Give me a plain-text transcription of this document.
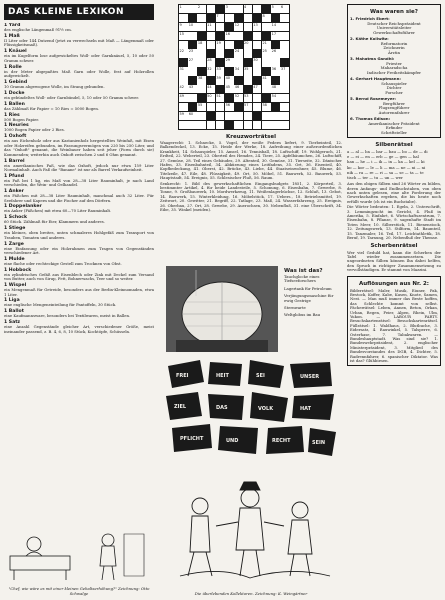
DAS KLEINE LEXIKON
1 Yard
des englische Längenmaß 91½ cm.
1 Maß
II Liter oder 144 Dutzend (jetzt zu verwechseln mit Maß — Längenmaß oder Flüssigkeitsmaß).
1 Knäuel
ein im Kugelform lose aufgewickeltes Woll- oder Garnknäuel, 5, 10 oder 50 Gramm schwer.
1 Rolle
in der Meter abgepaßtes Maß Garn oder Wolle, fest auf Holzrollen aufgewickelt.
1 Gebind
10 Gramm abgewogene Wolle, im Strang gebunden.
1 Docke
ein gebündeltes Woll- oder Garnbündel, 5, 10 oder 50 Gramm schwer.
1 Ballen
das Zählmaß für Papier = 10 Ries = 5000 Bogen.
1 Ries
500 Bogen Papier.
1 Neuries
1000 Bogen Papier oder 2 Ries.
1 Oxhoft
ein aus Eichenholz oder aus Kastanienholz hergestelltes Weinfaß, mit Eisen oder Holzreifen gebunden, im Fassungsvermögen von 220 bis 250 Liter, und das "Oxhoft" genannt, die Weinbauer haben seit jeher (Form durch sie) Kommenden; weiterhin auch Oxhoft zwischen 2 und 6 Ohm genannt.
1 Barrel
ein amerikanisches Faß, wie das Oxhoft, jedoch nur etwa 159 Liter Normalinhalt. Auch Faß die "Banane" ist nur als Barrel Verkaufseinheit.
1 Pfund
ein Faß bei 1 kg, ein Maß von 28—38 Liter Rauminhalt, je nach Land verschieden, die Wein- und Oelhandel.
1 Anker
ein Fäßchen mit 28—38 Liter Rauminhalt, manchmal auch 32 Liter. Für Seefahrer und Kapern und die Fischer auf den Dörfern.
1 Doppelanker
ein Anker (Fäßchen) mit etwa 60—70 Liter Rauminhalt.
1 Schock
60 Stück. Zählmaß für Eier, Klammern und anderes.
1 Stiege
ein kleines, oben breites, unten schmaleres Hohlgefäß zum Transport von Trauben, Tomaten und anderes.
1 Zarge
eine Einfassung oder ein Holzrahmen zum Tragen von Gegenständen verschiedener Art.
1 Mulde
eine flache oder rechteckige Gestell zum Trocknen von Obst.
1 Hobbock
ein zylindrisches Gefäß aus Eisenblech oder Zink mit Deckel zum Versand von Butter, auch von Sirup, Fett, Bohnerwachs, Teer und so weiter.
1 Wispel
ein Mengenmaß für Getreide, besonders aus der Berlin-Kleinnomaden, etwa 1 Liter.
1 Liga
eine englische Mengeneinteilung für Pantoffeln, 30 Stück.
1 Ballot
eine Kaufmannsware, besonders bei Textilwaren, meist in Ballen.
1 Satz
eine Anzahl Gegenstände gleicher Art, verschiedener Größe, meist ineinander passend, z. B. 4, 6, 8, 10 Stück, Kochtöpfe, Schüsseln.
"Chef, wie wäre es mit einer kleinen Gehaltserhöhung?" Zeichnung: Otto Schwalge
1	2	3	4	5 6
7	8
9 10	11	12	13	14
15	16	17
18	19	20	21
22 23	24	25 26
27	28	29	30
31	32 33	34 35	36 37
38	39 40	41
42 43	44	45 46	47	48
49	50 51	52 53	54
55	56	57	58
59 60
Kreuzworträtsel
Waagerecht: 1. Schnecke, 5. Vogel, der weiße Federn liefert, 9. Tierbeinteil, 12. Balkendeckel, 13. Ecke, 15. Heide der Werke, 18. Aufreihung einer außerordentlichen Krankheit, 14. Schauspieler, 15. Amsel, 16. Tennisball, 18. Luftschiff, 19. Wohlgeruch, 21. Erdteil, 22. Weberteil, 23. Oberteil des Hemdes, 24. Tiere, 25. Apfelbäumchen, 26. Luftschiff, 27. Gemüse, 28. Teil eines Gebäudes, 29. Altenteil, 30. Gemüse, 31. Tierseite, 32. Dänischer Hafen, 33. Eisenbahnteil, 34. Abkürzung eines Leitfadens, 35. Ort, 36. Eisenteil, 40. Kopfbedeckung, 41. Oberst, 42. Brücke, 43. Liebe, 44. Staatseinwohner, 45. Blume, 46. Titelzeile, 47. Eile, 48. Flüssigkeit, 49. Ort, 50. Möbel, 51. Bauwerk, 52. Bauwerk, 53. Hauptstadt, 54. Ereignis, 55. Schlesischer Fluß, 56. Raum.
Senkrecht: 1. Bild des gewerkschaftlichen Eingangsbudgets 1851, 2. Körperteil, 3. bestimmter Artikel, 4. für beide Landesteile, 5. Schonung, 6. Eisenbahn, 7. Gewerbe, 8. Tonne, 9. Großbauwerk, 10. Mordwerkzeug, 11. Weißenlagerbüchse, 12. Schluß, 13. Gebot, 14. Bauwerk, 15. Winterkleidung, 16. Möbelstück, 17. Uebers., 18. Betriebsmittel, 19. Zeitwort, 20. Gewitter, 21. Begriff, 22. Tatlage, 23. Maß, 24. Wasserfahrzeug, 25. Ereignis, 26. Oberbau, 27. Ort, 28. Gewebe, 29. Auerochsen, 30. Nebenfluß, 31. eine Überschrift, 34. Eibe, 35. Winkel (meiden).
Was ist das?
Tauchglocke eines Tiefseeforschers
Lagertank für Petroleum
Verjüngungsmaschine für ewig Gestrige
Sternwarte
Weltglobus im Bau
FREI	HEIT	SEI	UNSER
ZIEL	DAS	VOLK	HAT
PFLICHT	UND	RECHT	SEIN
Die überlebenden Kollektoren. Zeichnung: K. Weingärtner
Was waren sie?
1. Friedrich Ebert:
Deutscher Reichspräsident
Universitätsleiter
Gewerkschaftsführer
2. Käthe Kollwitz:
Reformatorin
Zeichnerin
Ärztin
3. Mahatma Gandhi:
Priester
Maharadscha
Indischer Freiheitskämpfer
4. Gerhart Hauptmann:
Schauspieler
Dichter
Forscher
5. Bernd Rosemeyer:
Bergführer
Flugzeugführer
Autorennfahrer
6. Thomas Edison:
Amerikanischer Präsident
Erfinder
Schriftsteller
Silbenrätsel
a — al — ba — bar — bau — bo — de — di
e — ei — en — erb — ge — gen — hal
han — he — i — ik — in — ka — kel — ki
ko — kor — le — li — ma — ne — ni — ni
nik — ra — re — ri — sa — se — ta — te
tisch — ter — tu — un — wer
Aus den obigen Silben sind 26 Wörter zu bilden, deren Anfangs- und Endbuchstaben, von oben nach unten gelesen, eine alte Forderung der Gewerkschaften ergeben, die bis heute noch erfüllt wurde (ch ist ein Buchstabe).
Die Wörter bedeuten: 1. Egeln, 2. Unterschrift, 3. Lemmingzucht im Gericht, 4. Fluß in Amerika, 5. Einfahrt, 6. Wirtschaftszentrum, 7. Eisenbahn, 8. Pflanze, 9. sagenhafte Stadt im Toten Meer, 10. Silberstück, 11. Bienenstock, 12. Zeitungswerk, 13. Stilform, 14. Baumteil, 15. Tanzmaler, 16. Teil, 17. Leichtathletik, 18. Beruf, 19. Tarnung, 20. Nebenfluß der Themse.
Scherbenrätsel
Wer viel Geduld hat, kann die Scherben der Tafel wieder zusammensetzen. Die ungeordneten Silben können Ihn dabei helfen, den Spruch in richtiger Zusammensetzung zu vervollständigen. Er stammt von Mazzini.
Auflösungen aus Nr. 2:
Bilderrätsel: Maler, Musik, Eiuner, Pak, Bestock, Koffer, Kabe, Kusen, Knote, Samen, Nest. — Man muß immer das Beste hoffen, das Schlechte kommt von selbst. Fächerrätsel: Leben, Annex, Beton, Orkan, Urban, Regen, Feier, Alpen, Rhein, Ulm, Yukon. — LABOUR PARTY. Besuchskartenrätsel: Besuchskartenrätsel. Füllrätsel: 1. Waldhaus, 2. Blutbuche, 3. Eidersatz, 4. Rauwinkel, 5. Talsperre, 6. Osterhase, 7. Tabakwaren. — Bundeshauptstadt. Was sind sie? 1. Bundeswehrpräsident, 2. englischer Ministerpräsident, 3. Mitglied des Bundesvorstandes des DGB, 4. Dichter, 5. Radrennfahrer, 6. spanischer Diktator. Was ist das? Glühbirnen.
